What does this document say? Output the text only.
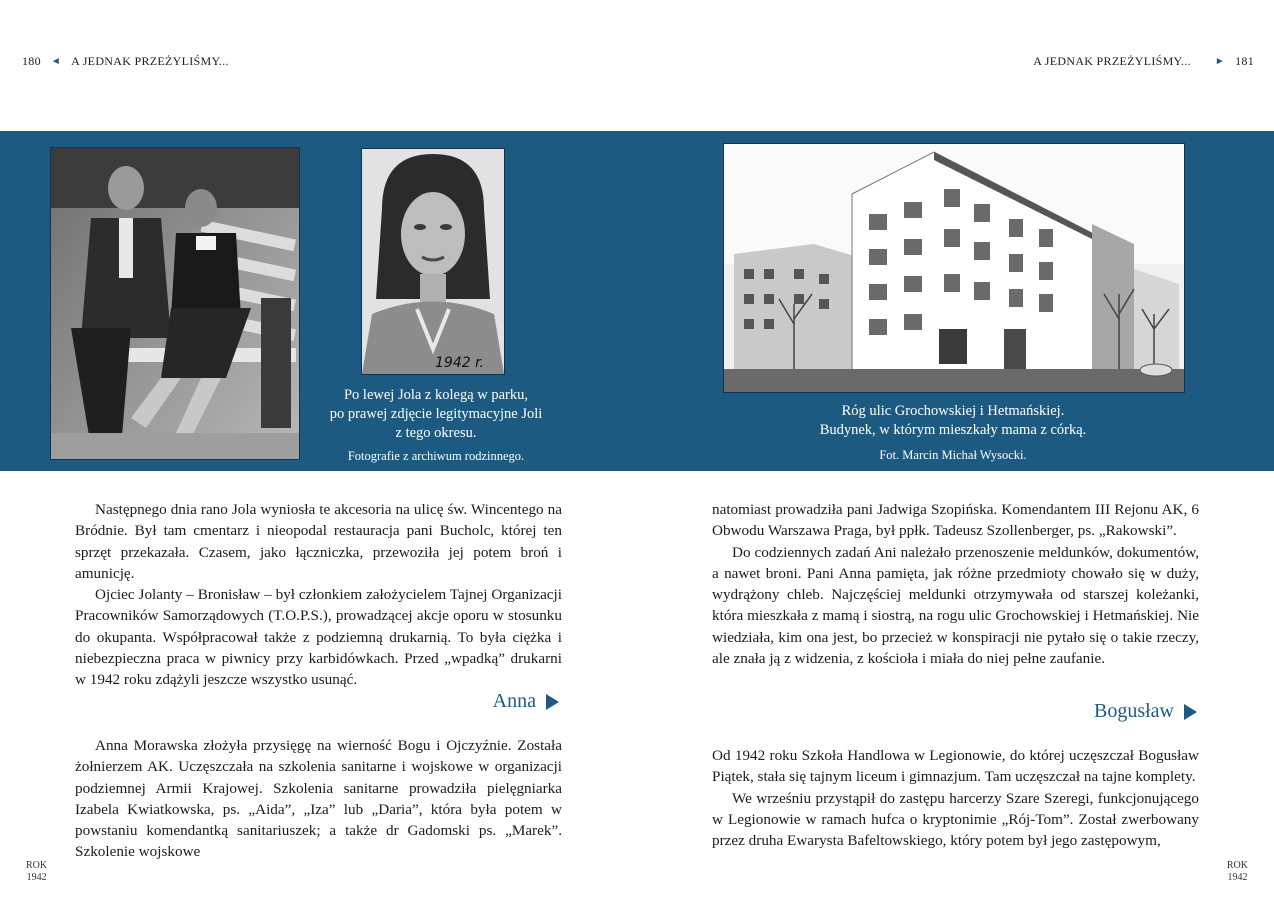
180 ◄ A JEDNAK PRZEŻYLIŚMY...
1942 r.
Po lewej Jola z kolegą w parku,
po prawej zdjęcie legitymacyjne Joli
z tego okresu.
Fotografie z archiwum rodzinnego.

Następnego dnia rano Jola wyniosła te akcesoria na ulicę św. Wincentego na Bródnie. Był tam cmentarz i nieopodal restauracja pani Bucholc, której ten sprzęt przekazała. Czasem, jako łączniczka, przewoziła jej potem broń i amunicję.

Ojciec Jolanty – Bronisław – był członkiem założycielem Tajnej Organizacji Pracowników Samorządowych (T.O.P.S.), prowadzącej akcje oporu w stosunku do okupanta. Współpracował także z podziemną drukarnią. To była ciężka i niebezpieczna praca w piwnicy przy karbidówkach. Przed „wpadką” drukarni w 1942 roku zdążyli jeszcze wszystko usunąć.

Anna

Anna Morawska złożyła przysięgę na wierność Bogu i Ojczyźnie. Została żołnierzem AK. Uczęszczała na szkolenia sanitarne i wojskowe w organizacji podziemnej Armii Krajowej. Szkolenia sanitarne prowadziła pielęgniarka Izabela Kwiatkowska, ps. „Aida”, „Iza” lub „Daria”, która była potem w powstaniu komendantką sanitariuszek; a także dr Gadomski ps. „Marek”. Szkolenie wojskowe

ROK
1942
A JEDNAK PRZEŻYLIŚMY... ► 181
Róg ulic Grochowskiej i Hetmańskiej.
Budynek, w którym mieszkały mama z córką.
Fot. Marcin Michał Wysocki.

natomiast prowadziła pani Jadwiga Szopińska. Komendantem III Rejonu AK, 6 Obwodu Warszawa Praga, był ppłk. Tadeusz Szollenberger, ps. „Rakowski”.

Do codziennych zadań Ani należało przenoszenie meldunków, dokumentów, a nawet broni. Pani Anna pamięta, jak różne przedmioty chowało się w duży, wydrążony chleb. Najczęściej meldunki otrzymywała od starszej koleżanki, która mieszkała z mamą i siostrą, na rogu ulic Grochowskiej i Hetmańskiej. Nie wiedziała, kim ona jest, bo przecież w konspiracji nie pytało się o takie rzeczy, ale znała ją z widzenia, z kościoła i miała do niej pełne zaufanie.

Bogusław

Od 1942 roku Szkoła Handlowa w Legionowie, do której uczęszczał Bogusław Piątek, stała się tajnym liceum i gimnazjum. Tam uczęszczał na tajne komplety.

We wrześniu przystąpił do zastępu harcerzy Szare Szeregi, funkcjonującego w Legionowie w ramach hufca o kryptonimie „Rój-Tom”. Został zwerbowany przez druha Ewarysta Bafeltowskiego, który potem był jego zastępowym,

ROK
1942
